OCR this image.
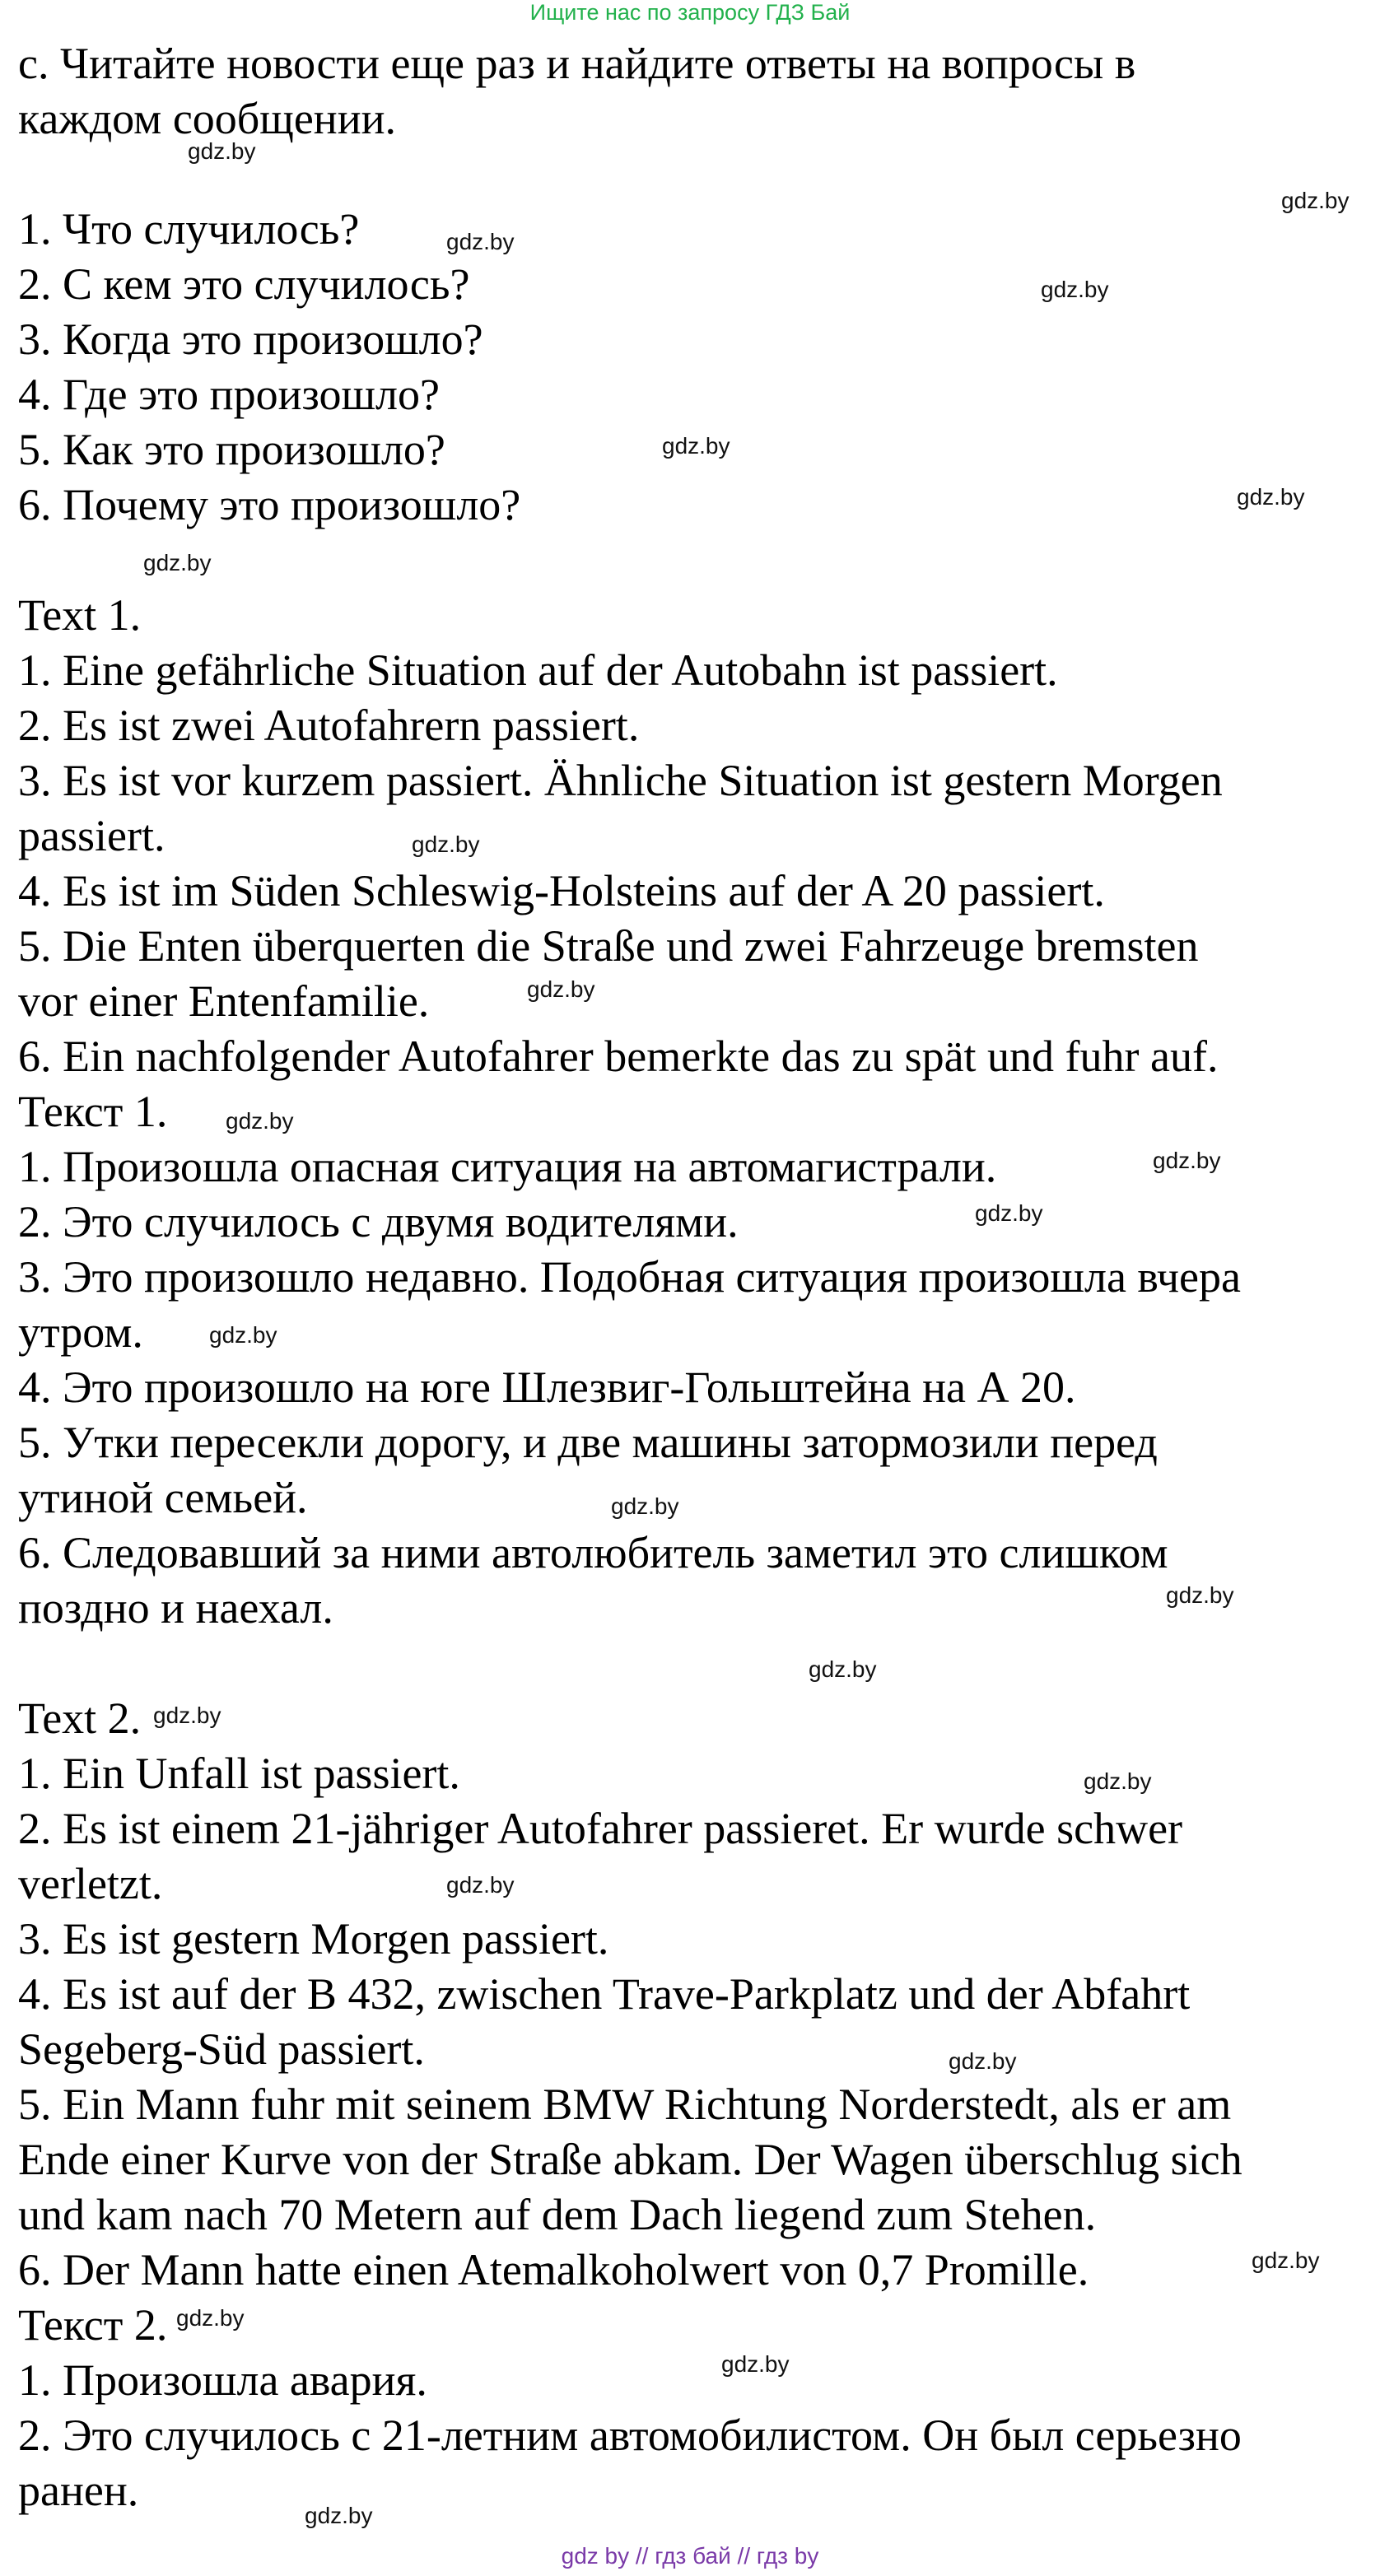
Ищите нас по запросу ГДЗ Бай
с. Читайте новости еще раз и найдите ответы на вопросы в
каждом сообщении.
1. Что случилось?
2. С кем это случилось?
3. Когда это произошло?
4. Где это произошло?
5. Как это произошло?
6. Почему это произошло?
Text 1.
1. Eine gefährliche Situation auf der Autobahn ist passiert.
2. Es ist zwei Autofahrern passiert.
3. Es ist vor kurzem passiert. Ähnliche Situation ist gestern Morgen
passiert.
4. Es ist im Süden Schleswig-Holsteins auf der A 20 passiert.
5. Die Enten überquerten die Straße und zwei Fahrzeuge bremsten
vor einer Entenfamilie.
6. Ein nachfolgender Autofahrer bemerkte das zu spät und fuhr auf.
Текст 1.
1. Произошла опасная ситуация на автомагистрали.
2. Это случилось с двумя водителями.
3. Это произошло недавно. Подобная ситуация произошла вчера
утром.
4. Это произошло на юге Шлезвиг-Гольштейна на А 20.
5. Утки пересекли дорогу, и две машины затормозили перед
утиной семьей.
6. Следовавший за ними автолюбитель заметил это слишком
поздно и наехал.
Text 2.
1. Ein Unfall ist passiert.
2. Es ist einem 21-jähriger Autofahrer passieret. Er wurde schwer
verletzt.
3. Es ist gestern Morgen passiert.
4. Es ist auf der B 432, zwischen Trave-Parkplatz und der Abfahrt
Segeberg-Süd passiert.
5. Ein Mann fuhr mit seinem BMW Richtung Norderstedt, als er am
Ende einer Kurve von der Straße abkam. Der Wagen überschlug sich
und kam nach 70 Metern auf dem Dach liegend zum Stehen.
6. Der Mann hatte einen Atemalkoholwert von 0,7 Promille.
Текст 2.
1. Произошла авария.
2. Это случилось с 21-летним автомобилистом. Он был серьезно
ранен.
gdz.by
gdz.by
gdz.by
gdz.by
gdz.by
gdz.by
gdz.by
gdz.by
gdz.by
gdz.by
gdz.by
gdz.by
gdz.by
gdz.by
gdz.by
gdz.by
gdz.by
gdz.by
gdz.by
gdz.by
gdz.by
gdz.by
gdz.by
gdz.by
gdz by // гдз бай // гдз by
